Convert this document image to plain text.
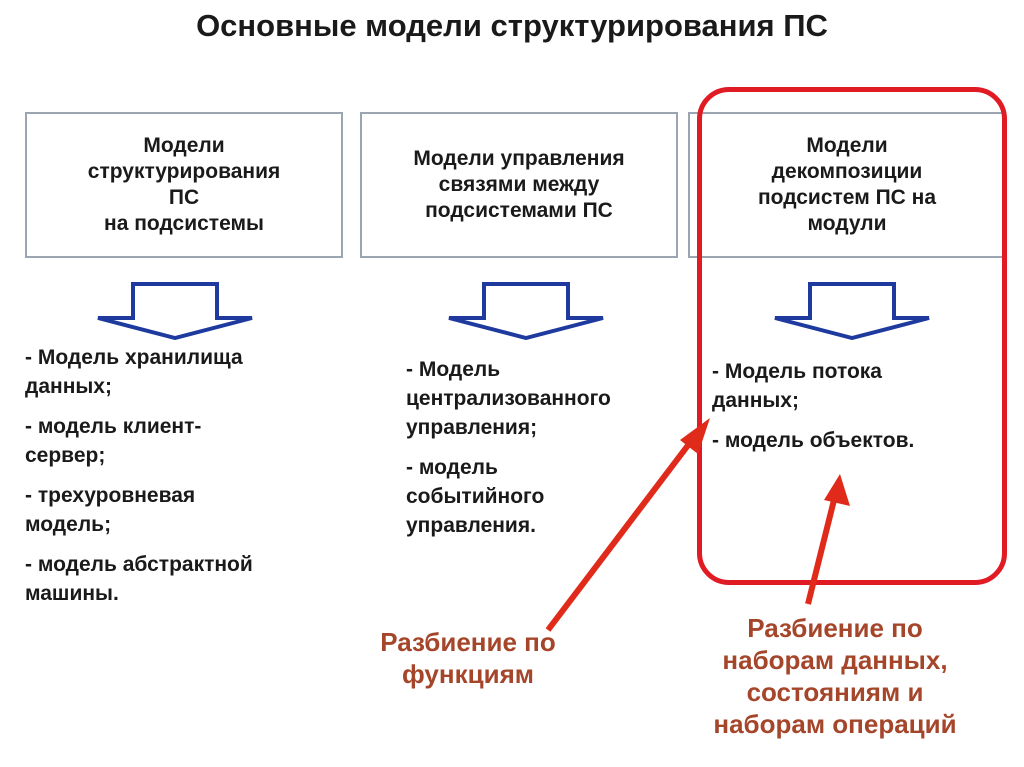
Основные модели структурирования ПС
Модели
структурирования
ПС
на подсистемы
Модели управления
связями между
подсистемами ПС
Модели
декомпозиции
подсистем ПС на
модули
- Модель хранилища
данных;
- модель клиент-
сервер;
- трехуровневая
модель;
- модель абстрактной
машины.
- Модель
централизованного
управления;
- модель
событийного
управления.
- Модель потока
данных;
- модель объектов.
Разбиение по
функциям
Разбиение по
наборам данных,
состояниям и
наборам операций
